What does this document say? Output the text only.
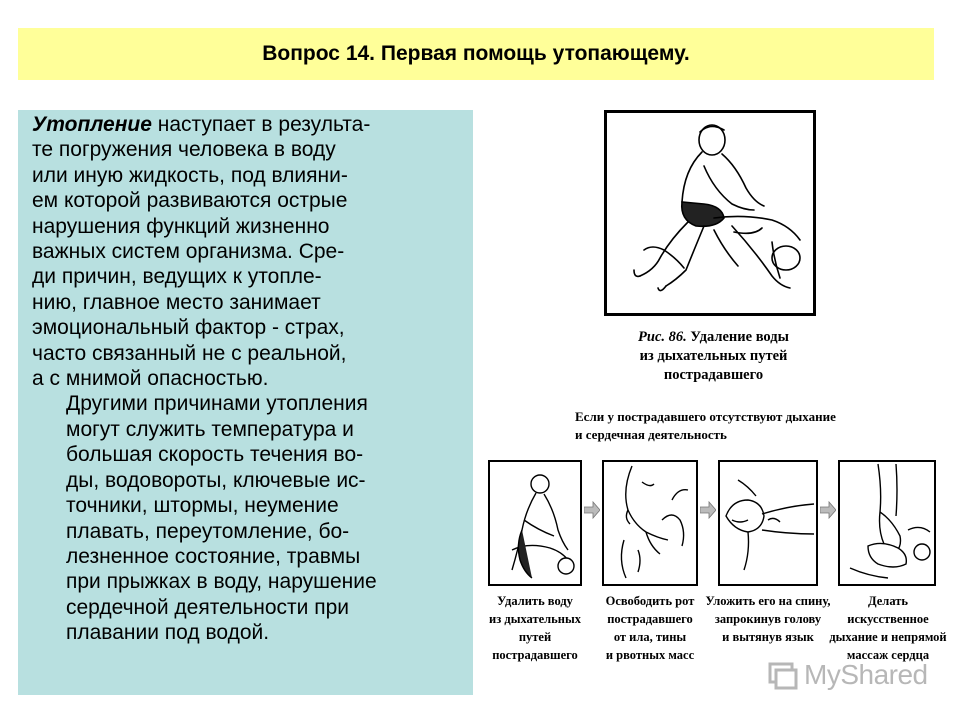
Вопрос 14. Первая помощь утопающему.

Утопление наступает в результа-
те погружения человека в воду
или иную жидкость, под влияни-
ем которой развиваются острые
нарушения функций жизненно
важных систем организма. Сре-
ди причин, ведущих к утопле-
нию, главное место занимает
эмоциональный фактор - страх,
часто связанный не с реальной,
а с мнимой опасностью.
Другими причинами утопления
могут служить температура и
большая скорость течения во-
ды, водовороты, ключевые ис-
точники, штормы, неумение
плавать, переутомление, бо-
лезненное состояние, травмы
при прыжках в воду, нарушение
сердечной деятельности при
плавании под водой.

Рис. 86. Удаление воды
из дыхательных путей
пострадавшего
Если у пострадавшего отсутствуют дыхание
и сердечная деятельность
Удалить воду
из дыхательных
путей
пострадавшего
Освободить рот
пострадавшего
от ила, тины
и рвотных масс
Уложить его на спину,
запрокинув голову
и вытянув язык
Делать
искусственное
дыхание и непрямой
массаж сердца
MyShared
